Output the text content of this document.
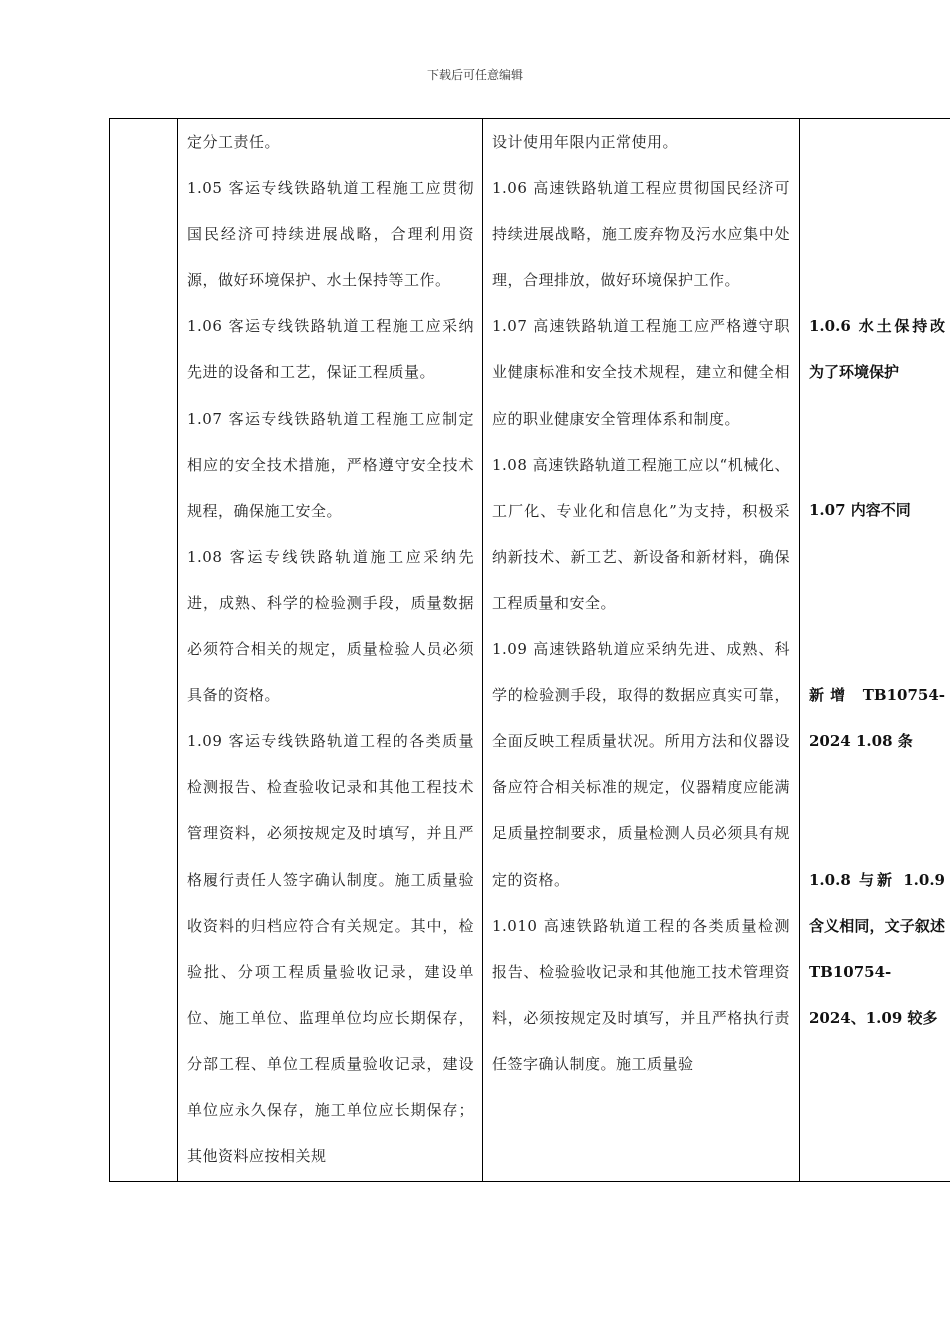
下载后可任意编辑

定分工责任。

1.05 客运专线铁路轨道工程施工应贯彻国民经济可持续进展战略，合理利用资源，做好环境保护、水土保持等工作。

1.06 客运专线铁路轨道工程施工应采纳先进的设备和工艺，保证工程质量。

1.07 客运专线铁路轨道工程施工应制定相应的安全技术措施，严格遵守安全技术规程，确保施工安全。

1.08 客运专线铁路轨道施工应采纳先进，成熟、科学的检验测手段，质量数据必须符合相关的规定，质量检验人员必须具备的资格。

1.09 客运专线铁路轨道工程的各类质量检测报告、检查验收记录和其他工程技术管理资料，必须按规定及时填写，并且严格履行责任人签字确认制度。施工质量验收资料的归档应符合有关规定。其中，检验批、分项工程质量验收记录，建设单位、施工单位、监理单位均应长期保存，分部工程、单位工程质量验收记录，建设单位应永久保存，施工单位应长期保存；其他资料应按相关规

设计使用年限内正常使用。

1.06 高速铁路轨道工程应贯彻国民经济可持续进展战略，施工废弃物及污水应集中处理，合理排放，做好环境保护工作。

1.07 高速铁路轨道工程施工应严格遵守职业健康标准和安全技术规程，建立和健全相应的职业健康安全管理体系和制度。

1.08 高速铁路轨道工程施工应以“机械化、工厂化、专业化和信息化”为支持，积极采纳新技术、新工艺、新设备和新材料，确保工程质量和安全。

1.09 高速铁路轨道应采纳先进、成熟、科学的检验测手段，取得的数据应真实可靠，全面反映工程质量状况。所用方法和仪器设备应符合相关标准的规定，仪器精度应能满足质量控制要求，质量检测人员必须具有规定的资格。

1.010 高速铁路轨道工程的各类质量检测报告、检验验收记录和其他施工技术管理资料，必须按规定及时填写，并且严格执行责任签字确认制度。施工质量验

1.0.6 水土保持改为了环境保护
1.07 内容不同
新增 TB10754-2024 1.08 条
1.0.8 与新 1.0.9 含义相同，文子叙述 TB10754-2024、1.09 较多
